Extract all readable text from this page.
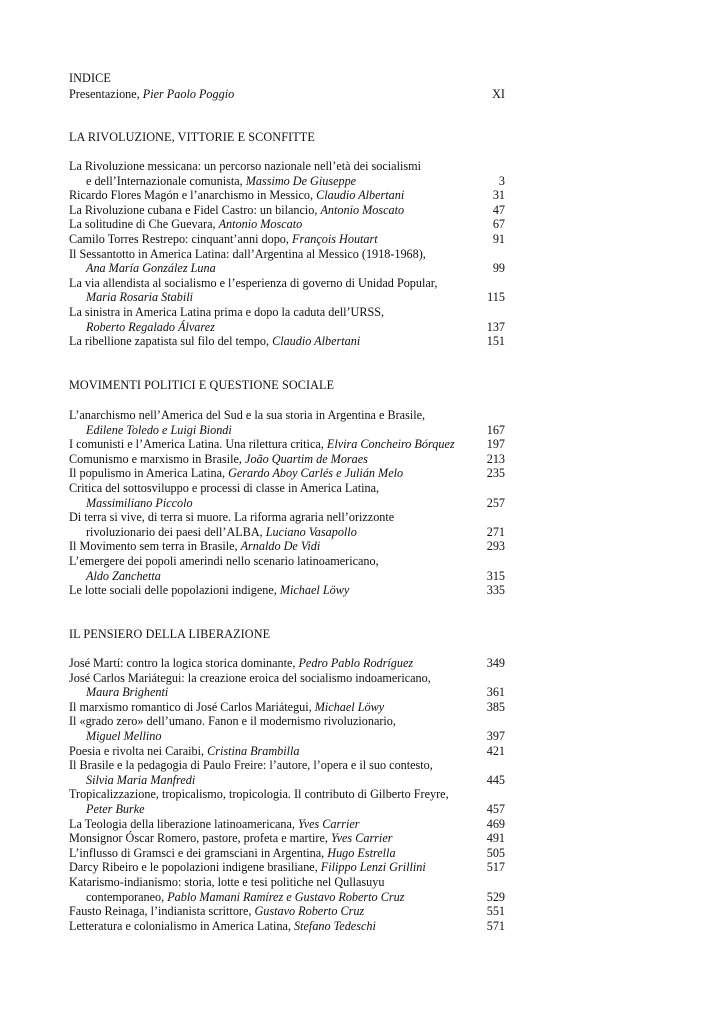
INDICE
Presentazione, Pier Paolo Poggio	XI
LA RIVOLUZIONE, VITTORIE E SCONFITTE
La Rivoluzione messicana: un percorso nazionale nell’età dei socialismi
e dell’Internazionale comunista, Massimo De Giuseppe	3
Ricardo Flores Magón e l’anarchismo in Messico, Claudio Albertani	31
La Rivoluzione cubana e Fidel Castro: un bilancio, Antonio Moscato	47
La solitudine di Che Guevara, Antonio Moscato	67
Camilo Torres Restrepo: cinquant’anni dopo, François Houtart	91
Il Sessantotto in America Latina: dall’Argentina al Messico (1918-1968),
Ana María González Luna	99
La via allendista al socialismo e l’esperienza di governo di Unidad Popular,
Maria Rosaria Stabili	115
La sinistra in America Latina prima e dopo la caduta dell’URSS,
Roberto Regalado Álvarez	137
La ribellione zapatista sul filo del tempo, Claudio Albertani	151
MOVIMENTI POLITICI E QUESTIONE SOCIALE
L’anarchismo nell’America del Sud e la sua storia in Argentina e Brasile,
Edilene Toledo e Luigi Biondi	167
I comunisti e l’America Latina. Una rilettura critica, Elvira Concheiro Bórquez	197
Comunismo e marxismo in Brasile, João Quartim de Moraes	213
Il populismo in America Latina, Gerardo Aboy Carlés e Julián Melo	235
Critica del sottosviluppo e processi di classe in America Latina,
Massimiliano Piccolo	257
Di terra si vive, di terra si muore. La riforma agraria nell’orizzonte
rivoluzionario dei paesi dell’ALBA, Luciano Vasapollo	271
Il Movimento sem terra in Brasile, Arnaldo De Vidi	293
L’emergere dei popoli amerindi nello scenario latinoamericano,
Aldo Zanchetta	315
Le lotte sociali delle popolazioni indigene, Michael Löwy	335
IL PENSIERO DELLA LIBERAZIONE
José Martí: contro la logica storica dominante, Pedro Pablo Rodríguez	349
José Carlos Mariátegui: la creazione eroica del socialismo indoamericano,
Maura Brighenti	361
Il marxismo romantico di José Carlos Mariátegui, Michael Löwy	385
Il «grado zero» dell’umano. Fanon e il modernismo rivoluzionario,
Miguel Mellino	397
Poesia e rivolta nei Caraibi, Cristina Brambilla	421
Il Brasile e la pedagogia di Paulo Freire: l’autore, l’opera e il suo contesto,
Silvia Maria Manfredi	445
Tropicalizzazione, tropicalismo, tropicologia. Il contributo di Gilberto Freyre,
Peter Burke	457
La Teologia della liberazione latinoamericana, Yves Carrier	469
Monsignor Óscar Romero, pastore, profeta e martire, Yves Carrier	491
L’influsso di Gramsci e dei gramsciani in Argentina, Hugo Estrella	505
Darcy Ribeiro e le popolazioni indigene brasiliane, Filippo Lenzi Grillini	517
Katarismo-indianismo: storia, lotte e tesi politiche nel Qullasuyu
contemporaneo, Pablo Mamani Ramírez e Gustavo Roberto Cruz	529
Fausto Reinaga, l’indianista scrittore, Gustavo Roberto Cruz	551
Letteratura e colonialismo in America Latina, Stefano Tedeschi	571
